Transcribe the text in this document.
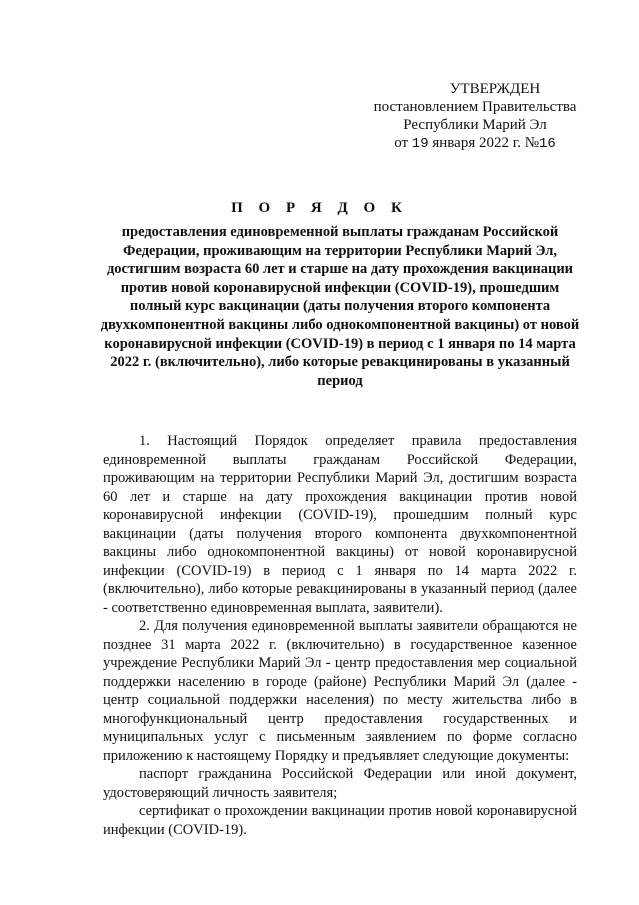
УТВЕРЖДЕН
постановлением Правительства
Республики Марий Эл
от 19 января 2022 г. №16
П О Р Я Д О К
предоставления единовременной выплаты гражданам Российской Федерации, проживающим на территории Республики Марий Эл, достигшим возраста 60 лет и старше на дату прохождения вакцинации против новой коронавирусной инфекции (COVID-19), прошедшим полный курс вакцинации (даты получения второго компонента двухкомпонентной вакцины либо однокомпонентной вакцины) от новой коронавирусной инфекции (COVID-19) в период с 1 января по 14 марта 2022 г. (включительно), либо которые ревакцинированы в указанный период

1. Настоящий Порядок определяет правила предоставления единовременной выплаты гражданам Российской Федерации, проживающим на территории Республики Марий Эл, достигшим возраста 60 лет и старше на дату прохождения вакцинации против новой коронавирусной инфекции (COVID-19), прошедшим полный курс вакцинации (даты получения второго компонента двухкомпонентной вакцины либо однокомпонентной вакцины) от новой коронавирусной инфекции (COVID-19) в период с 1 января по 14 марта 2022 г. (включительно), либо которые ревакцинированы в указанный период (далее - соответственно единовременная выплата, заявители).

2. Для получения единовременной выплаты заявители обращаются не позднее 31 марта 2022 г. (включительно) в государственное казенное учреждение Республики Марий Эл - центр предоставления мер социальной поддержки населению в городе (районе) Республики Марий Эл (далее - центр социальной поддержки населения) по месту жительства либо в многофункциональный центр предоставления государственных и муниципальных услуг с письменным заявлением по форме согласно приложению к настоящему Порядку и предъявляет следующие документы:

паспорт гражданина Российской Федерации или иной документ, удостоверяющий личность заявителя;

сертификат о прохождении вакцинации против новой коронавирусной инфекции (COVID-19).
